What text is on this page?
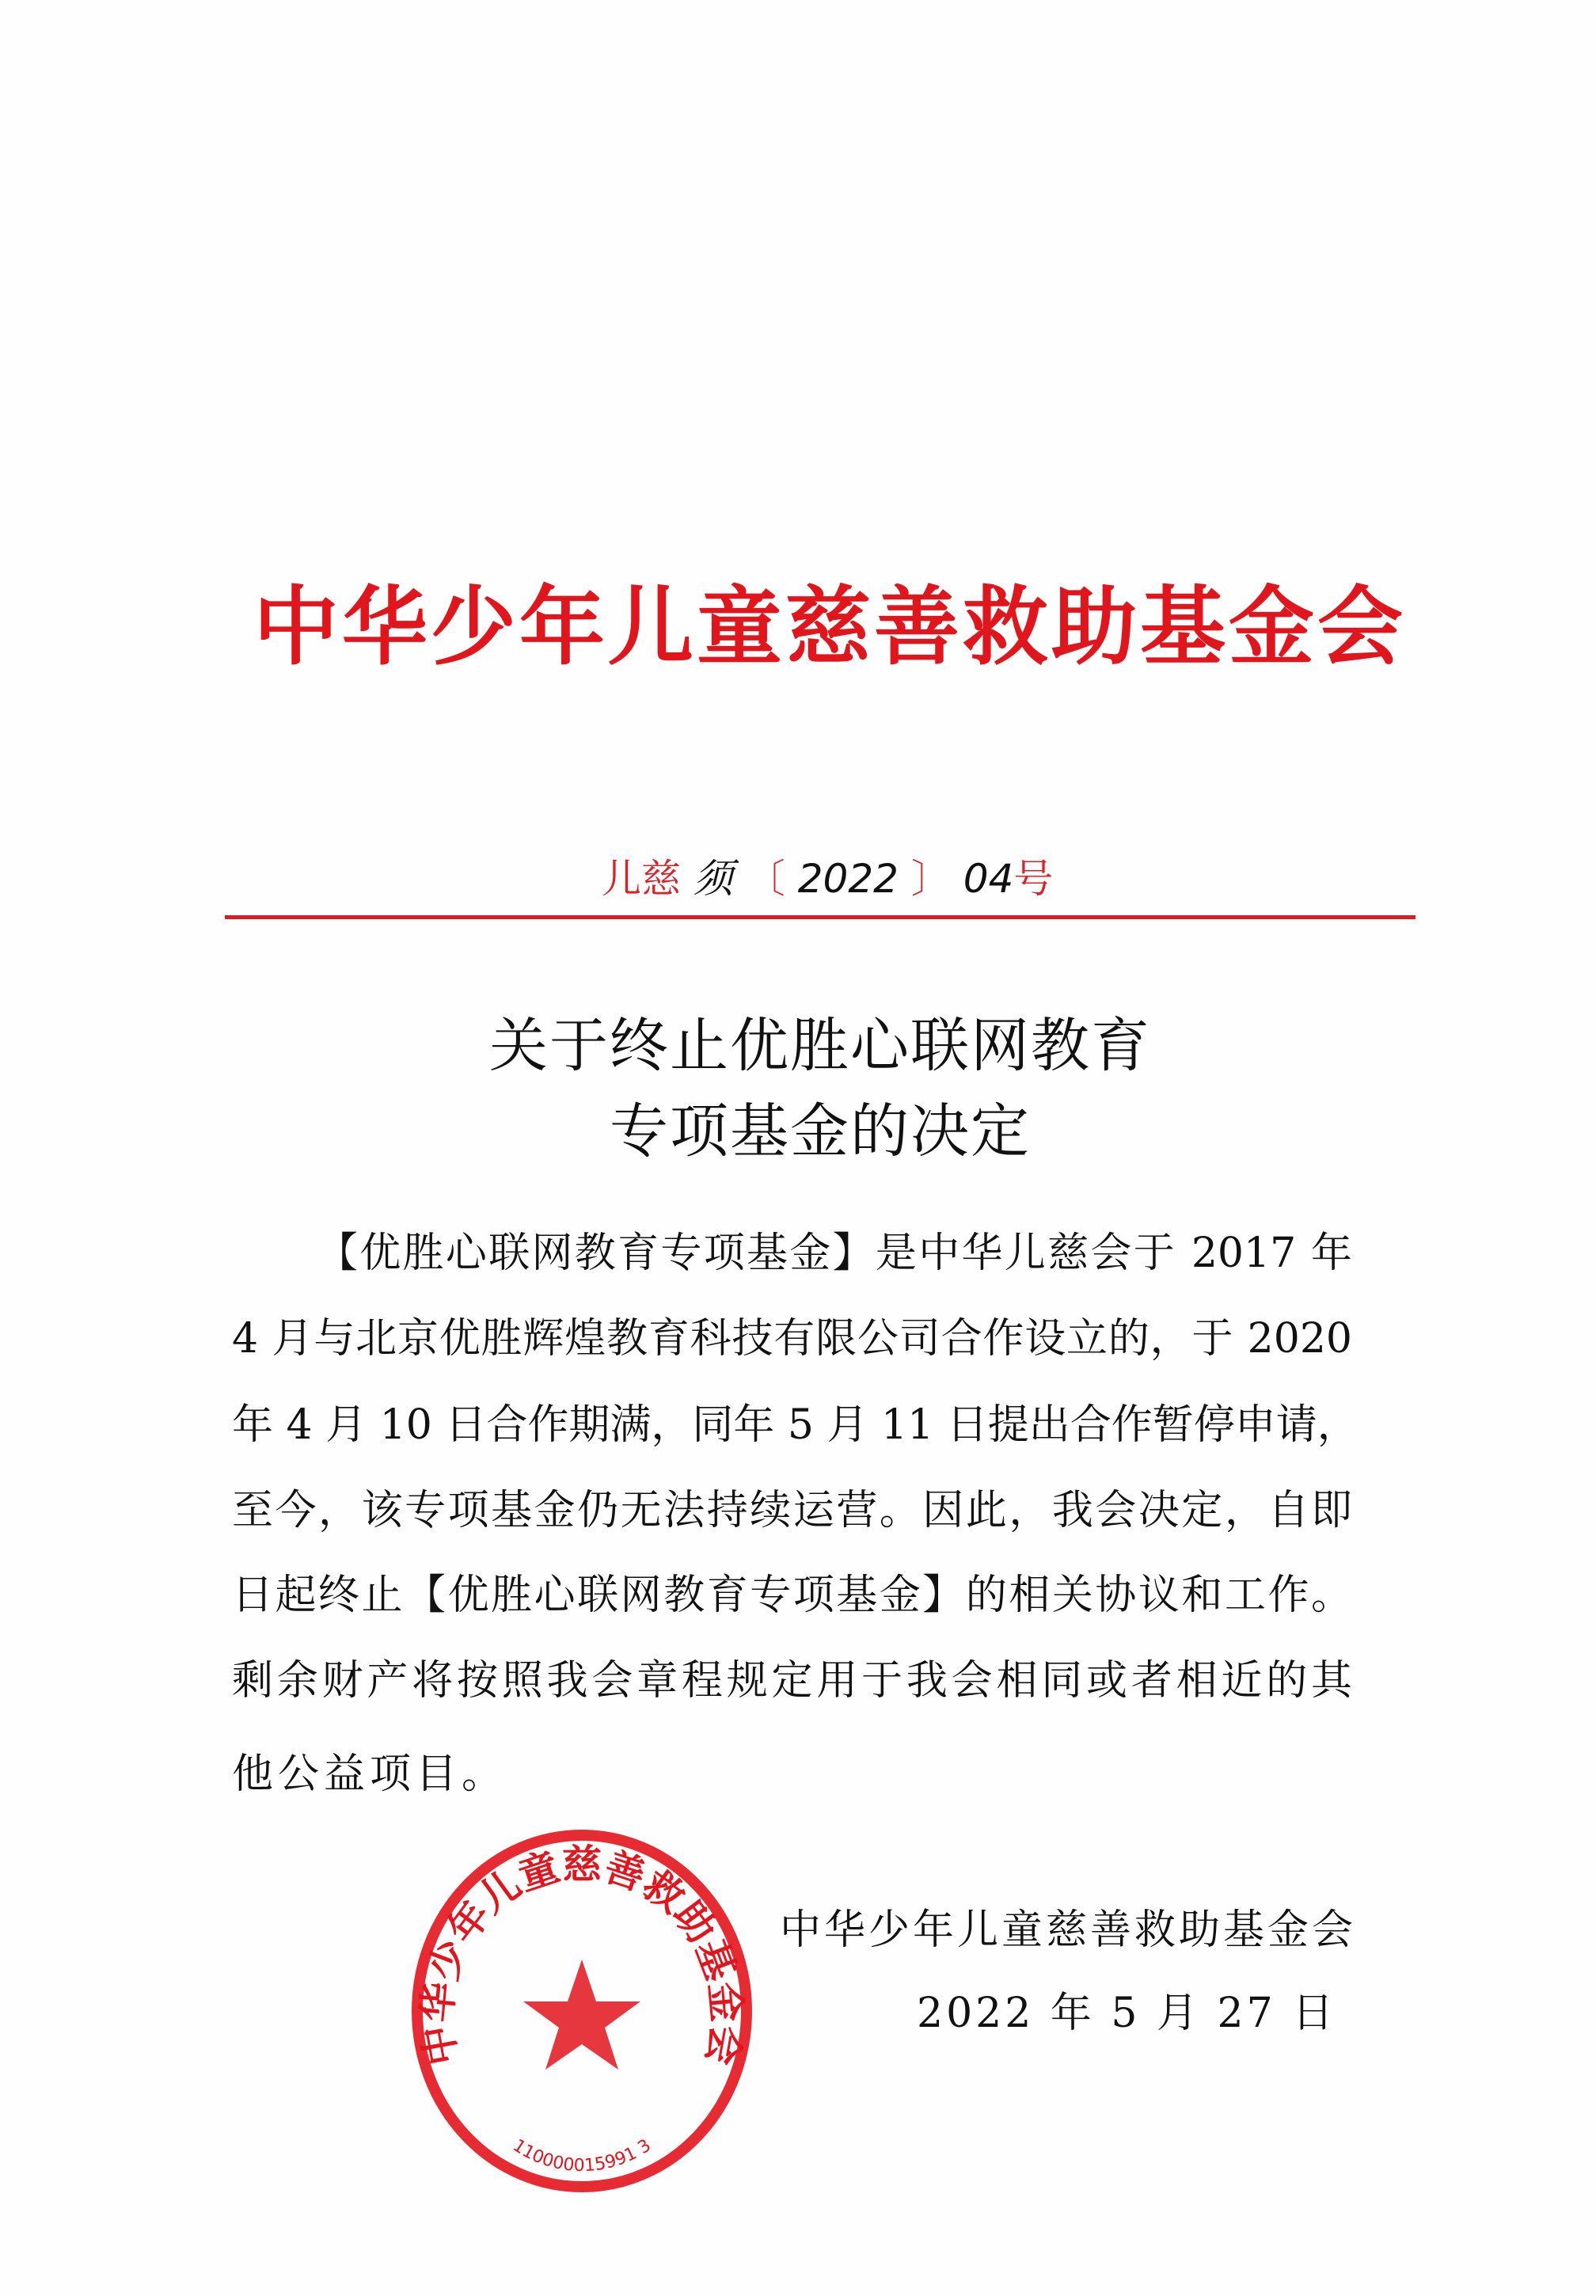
中华少年儿童慈善救助基金会
儿慈 须 〔 2022 〕 04号
关于终止优胜心联网教育
专项基金的决定
【优胜心联网教育专项基金】是中华儿慈会于 2017 年
4 月与北京优胜辉煌教育科技有限公司合作设立的，于 2020
年 4 月 10 日合作期满，同年 5 月 11 日提出合作暂停申请，
至今，该专项基金仍无法持续运营。因此，我会决定，自即
日起终止【优胜心联网教育专项基金】的相关协议和工作。
剩余财产将按照我会章程规定用于我会相同或者相近的其
他公益项目。
中华少年儿童慈善救助基金会
2022 年 5 月 27 日
中华少年儿童慈善救助基金会
110000015991 3
